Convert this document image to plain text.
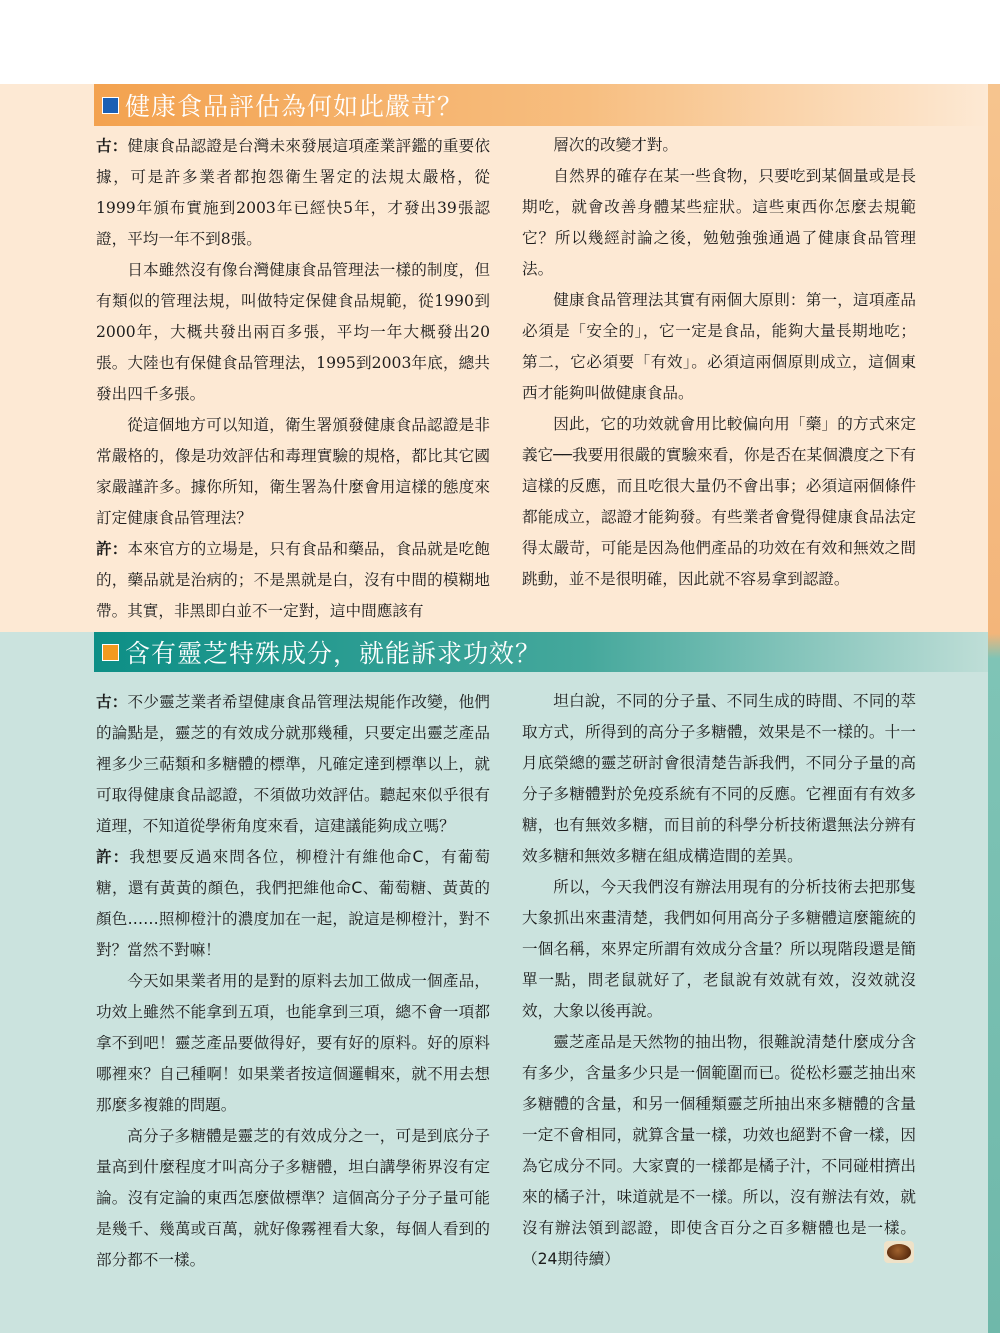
健康食品評估為何如此嚴苛？

古：健康食品認證是台灣未來發展這項產業評鑑的重要依據，可是許多業者都抱怨衛生署定的法規太嚴格，從1999年頒布實施到2003年已經快5年，才發出39張認證，平均一年不到8張。

日本雖然沒有像台灣健康食品管理法一樣的制度，但有類似的管理法規，叫做特定保健食品規範，從1990到2000年，大概共發出兩百多張，平均一年大概發出20張。大陸也有保健食品管理法，1995到2003年底，總共發出四千多張。

從這個地方可以知道，衛生署頒發健康食品認證是非常嚴格的，像是功效評估和毒理實驗的規格，都比其它國家嚴謹許多。據你所知，衛生署為什麼會用這樣的態度來訂定健康食品管理法？

許：本來官方的立場是，只有食品和藥品，食品就是吃飽的，藥品就是治病的；不是黑就是白，沒有中間的模糊地帶。其實，非黑即白並不一定對，這中間應該有

層次的改變才對。

自然界的確存在某一些食物，只要吃到某個量或是長期吃，就會改善身體某些症狀。這些東西你怎麼去規範它？所以幾經討論之後，勉勉強強通過了健康食品管理法。

健康食品管理法其實有兩個大原則：第一，這項產品必須是「安全的」，它一定是食品，能夠大量長期地吃；第二，它必須要「有效」。必須這兩個原則成立，這個東西才能夠叫做健康食品。

因此，它的功效就會用比較偏向用「藥」的方式來定義它──我要用很嚴的實驗來看，你是否在某個濃度之下有這樣的反應，而且吃很大量仍不會出事；必須這兩個條件都能成立，認證才能夠發。有些業者會覺得健康食品法定得太嚴苛，可能是因為他們產品的功效在有效和無效之間跳動，並不是很明確，因此就不容易拿到認證。

含有靈芝特殊成分，就能訴求功效？

古：不少靈芝業者希望健康食品管理法規能作改變，他們的論點是，靈芝的有效成分就那幾種，只要定出靈芝產品裡多少三萜類和多糖體的標準，凡確定達到標準以上，就可取得健康食品認證，不須做功效評估。聽起來似乎很有道理，不知道從學術角度來看，這建議能夠成立嗎？

許：我想要反過來問各位，柳橙汁有維他命C，有葡萄糖，還有黃黃的顏色，我們把維他命C、葡萄糖、黃黃的顏色……照柳橙汁的濃度加在一起，說這是柳橙汁，對不對？當然不對嘛！

今天如果業者用的是對的原料去加工做成一個產品，功效上雖然不能拿到五項，也能拿到三項，總不會一項都拿不到吧！靈芝產品要做得好，要有好的原料。好的原料哪裡來？自己種啊！如果業者按這個邏輯來，就不用去想那麼多複雜的問題。

高分子多糖體是靈芝的有效成分之一，可是到底分子量高到什麼程度才叫高分子多糖體，坦白講學術界沒有定論。沒有定論的東西怎麼做標準？這個高分子分子量可能是幾千、幾萬或百萬，就好像霧裡看大象，每個人看到的部分都不一樣。

坦白說，不同的分子量、不同生成的時間、不同的萃取方式，所得到的高分子多糖體，效果是不一樣的。十一月底榮總的靈芝研討會很清楚告訴我們，不同分子量的高分子多糖體對於免疫系統有不同的反應。它裡面有有效多糖，也有無效多糖，而目前的科學分析技術還無法分辨有效多糖和無效多糖在組成構造間的差異。

所以，今天我們沒有辦法用現有的分析技術去把那隻大象抓出來畫清楚，我們如何用高分子多糖體這麼籠統的一個名稱，來界定所謂有效成分含量？所以現階段還是簡單一點，問老鼠就好了，老鼠說有效就有效，沒效就沒效，大象以後再說。

靈芝產品是天然物的抽出物，很難說清楚什麼成分含有多少，含量多少只是一個範圍而已。從松杉靈芝抽出來多糖體的含量，和另一個種類靈芝所抽出來多糖體的含量一定不會相同，就算含量一樣，功效也絕對不會一樣，因為它成分不同。大家賣的一樣都是橘子汁，不同碰柑擠出來的橘子汁，味道就是不一樣。所以，沒有辦法有效，就沒有辦法領到認證，即使含百分之百多糖體也是一樣。（24期待續）
